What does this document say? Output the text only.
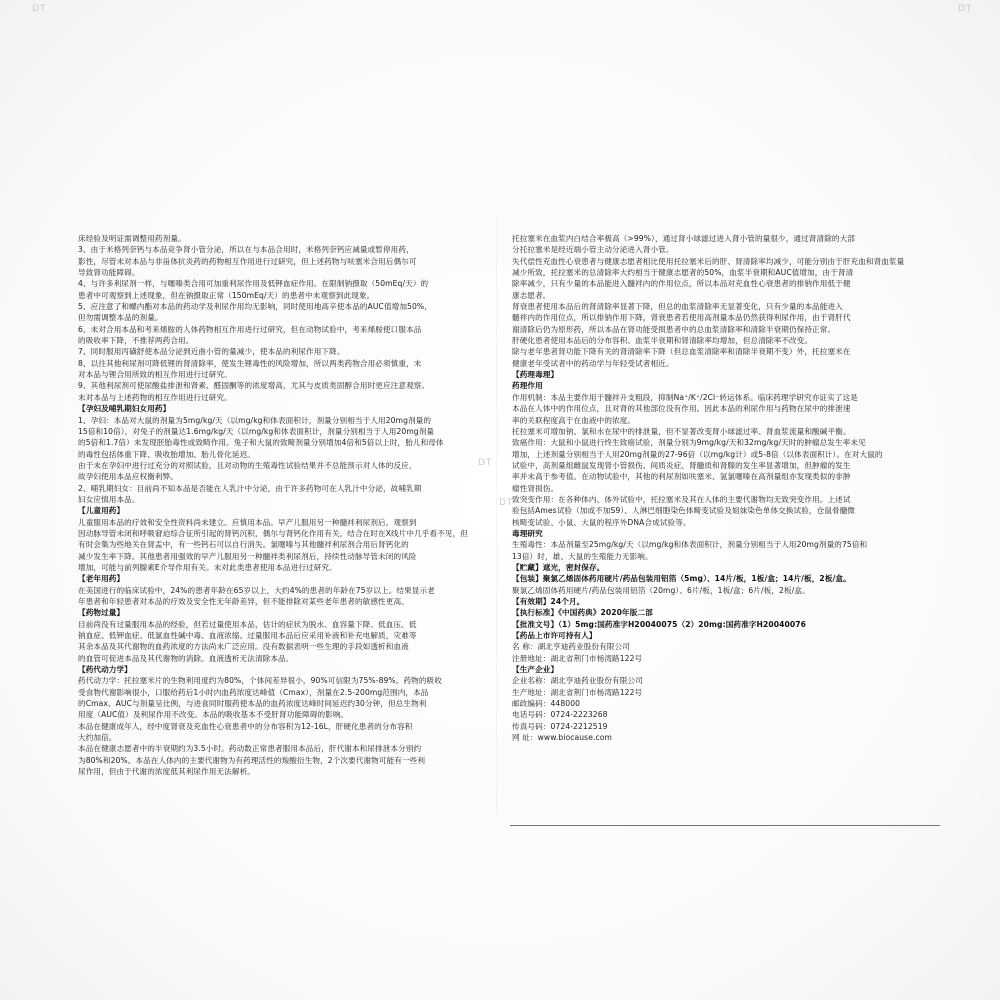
DT	DT
DT
DT

床经验及明证需调整用药剂量。

3、由于米格列奈钙与本品竞争肾小管分泌，所以在与本品合用时，米格列奈钙应减量或暂停用药，

影性，尽管未对本品与非甾体抗炎药的药物相互作用进行过研究，但上述药物与呋塞米合用后偶尔可

导致肾功能障碍。

4、与许多利尿剂一样，与噻嗪类合用可加重利尿作用及低钾血症作用。在限制钠摄取（50mEq/天）的

患者中可观察到上述现象，但在钠摄取正常（150mEq/天）的患者中未观察到此现象。

5、应注意了和螺内酯对本品的药动学及利尿作用均无影响，同时使用地高辛使本品的AUC值增加50%，

但勿需调整本品的剂量。

6、未对合用本品和考来烯胺的人体药物相互作用进行过研究，但在动物试验中，考来烯胺使口服本品

的吸收率下降，不推荐两药合用。

7、同时服用丙磺舒使本品分泌到近曲小管的量减少，使本品的利尿作用下降。

8、以往其他利尿剂可降低锂的肾清除率，使发生锂毒性的风险增加，所以两类药物合用必须慎重，未

对本品与锂合用所致的相互作用进行过研究。

9、其他利尿剂可使尿酸盐排泄和肾素、醛固酮等的浓度增高，尤其与皮质类固醇合用时更应注意观察。

未对本品与上述药物的相互作用进行过研究。

【孕妇及哺乳期妇女用药】

1、孕妇：本品对大鼠的剂量为5mg/kg/天（以mg/kg和体表面积计，剂量分别相当于人用20mg剂量的

15倍和10倍），对兔子的剂量达1.6mg/kg/天（以mg/kg和体表面积计，剂量分别相当于人用20mg剂量

的5倍和1.7倍）未发现胚胎毒性或致畸作用。兔子和大鼠的致畸剂量分别增加4倍和5倍以上时，胎儿和母体

的毒性包括体重下降、吸收胎增加、胎儿骨化延迟。

由于未在孕妇中进行过充分的对照试验，且对动物的生殖毒性试验结果并不总能预示对人体的反应，

故孕妇使用本品应权衡利弊。

2、哺乳期妇女：目前尚不知本品是否能在人乳汁中分泌，由于许多药物可在人乳汁中分泌，故哺乳期

妇女应慎用本品。

【儿童用药】

儿童服用本品的疗效和安全性资料尚未建立。应慎用本品。早产儿服用另一种髓袢利尿剂后，观察到

因动脉导管未闭和呼吸窘迫综合征所引起的肾钙沉积，偶尔与肾钙化作用有关，结合在时在X线片中几乎看不见，但

有时会集为些地关在肾盂中，有一些钙石可以自行消失。氯噻嗪与其他髓袢利尿剂合用后肾钙化的

减少发生率下降。其他患者用强效的早产儿服用另一种髓袢类利尿剂后，持续性动脉导管未闭的风险

增加，可能与前列腺素E介导作用有关。未对此类患者使用本品进行过研究。

【老年用药】

在美国进行的临床试验中，24%的患者年龄在65岁以上，大约4%的患者的年龄在75岁以上。结果显示老

年患者和年轻患者对本品的疗效及安全性无年龄差异，但不能排除对某些老年患者的敏感性更高。

【药物过量】

目前尚没有过量服用本品的经验，但若过量使用本品，估计的症状为脱水、血容量下降、低血压、低

钠血症、低钾血症、低氯血性碱中毒、血液浓缩。过量服用本品后应采用补液和补充电解质，灾难等

其余本品及其代谢物的血药浓度的方法尚未广泛应用。没有数据表明一些生理的手段如透析和血液

的血管可促进本品及其代谢物的消除。血液透析无法清除本品。

【药代动力学】

药代动力学：托拉塞米片的生物利用度约为80%，个体间差异很小，90%可信限为75%-89%。药物的吸收

受食物代谢影响很小，口服给药后1小时内血药浓度达峰值（Cmax），剂量在2.5-200mg范围内，本品

的Cmax、AUC与剂量呈比例，与进食同时服药使本品的血药浓度达峰时间延迟约30分钟，但总生物利

用度（AUC值）及利尿作用不改变。本品的吸收基本不受肝肾功能障碍的影响。

本品在健康成年人，经中度肾衰及充血性心衰患者中的分布容积为12-16L，肝硬化患者的分布容积

大约加倍。

本品在健康志愿者中的半衰期约为3.5小时。药动数正常患者服用本品后，肝代谢本和尿排泄本分别约

为80%和20%。本品在人体内的主要代谢物为有药理活性的羧酸衍生物，2个次要代谢物可能有一些利

尿作用，但由于代谢的浓度低其利尿作用无法解析。

托拉塞米在血浆内白结合率极高（>99%），通过肾小球滤过进入肾小管的量很少，通过肾清除的大部

分托拉塞米是经近端小管主动分泌进入肾小管。

失代偿性充血性心衰患者与健康志愿者相比使用托拉塞米后的肝、肾清除率均减少，可能分别由于肝充血和肾血浆量

减少所致，托拉塞米的总清除率大约相当于健康志愿者的50%，血浆半衰期和AUC值增加，由于肾清

除率减少，只有少量的本品能进入髓袢内的作用位点，所以本品对充血性心衰患者的排钠作用低于健

康志愿者。

肾衰患者使用本品后的肾清除率显著下降，但总的血浆清除率无显著变化，只有少量的本品能进入

髓袢内的作用位点，所以排钠作用下降，肾衰患者若使用高剂量本品仍然获得利尿作用，由于肾肝代

谢清除后仍为原形药，所以本品在肾功能受损患者中的总血浆清除率和清除半衰期仍保持正常。

肝硬化患者使用本品后的分布容积、血浆半衰期和肾清除率均增加，但总清除率不改变。

除与老年患者肾功能下降有关的肾清除率下降（但总血浆清除率和清除半衰期不变）外，托拉塞米在

健康老年受试者中的药动学与年轻受试者相近。

【药理毒理】

药理作用

作用机制：本品主要作用于髓袢升支粗段，抑制Na⁺/K⁺/2Cl⁻转运体系。临床药理学研究亦证实了这是

本品在人体中的作用位点，且对肾的其他部位没有作用。因此本品的利尿作用与药物在尿中的排泄速

率的关联程度高于在血液中的浓度。

托拉塞米可增加钠、氯和水在尿中的排泄量，但不显著改变肾小球滤过率、肾血浆流量和酸碱平衡。

致癌作用：大鼠和小鼠进行终生致癌试验，剂量分别为9mg/kg/天和32mg/kg/天时的肿瘤总发生率未见

增加，上述剂量分别相当于人用20mg剂量的27-96倍（以mg/kg计）或5-8倍（以体表面积计）。在对大鼠的

试验中，高剂量组雌鼠发现肾小管损伤、间质炎症、肾髓质和肾腺的发生率显著增加，但肿瘤的发生

率并未高于参考值。在动物试验中，其他的利尿剂如呋塞米、氢氯噻嗪在高剂量组亦发现类似的非肿

瘤性肾损伤。

致突变作用：在各种体内、体外试验中，托拉塞米及其在人体的主要代谢物均无致突变作用。上述试

验包括Ames试验（加或不加S9）、人淋巴细胞染色体畸变试验及姐妹染色单体交换试验，仓鼠骨髓微

核畸变试验、小鼠、大鼠的程序外DNA合成试验等。

毒理研究

生殖毒性：本品剂量至25mg/kg/天（以mg/kg和体表面积计，剂量分别相当于人用20mg剂量的75倍和

13倍）时，雄、大鼠的生殖能力无影响。

【贮藏】遮光，密封保存。

【包装】聚氯乙烯固体药用硬片/药品包装用铝箔（5mg）、14片/板，1板/盒；14片/板，2板/盒。

聚氯乙烯固体药用硬片/药品包装用铝箔（20mg）、6片/板，1板/盒；6片/板，2板/盒。

【有效期】24个月。

【执行标准】《中国药典》2020年版二部

【批准文号】（1）5mg:国药准字H20040075（2）20mg:国药准字H20040076

【药品上市许可持有人】

名 称：湖北亨迪药业股份有限公司

注册地址：湖北省荆门市杨湾路122号

【生产企业】

企业名称：湖北亨迪药业股份有限公司

生产地址：湖北省荆门市杨湾路122号

邮政编码：448000

电话号码：0724-2223268

传真号码：0724-2212519

网 址：www.biocause.com
